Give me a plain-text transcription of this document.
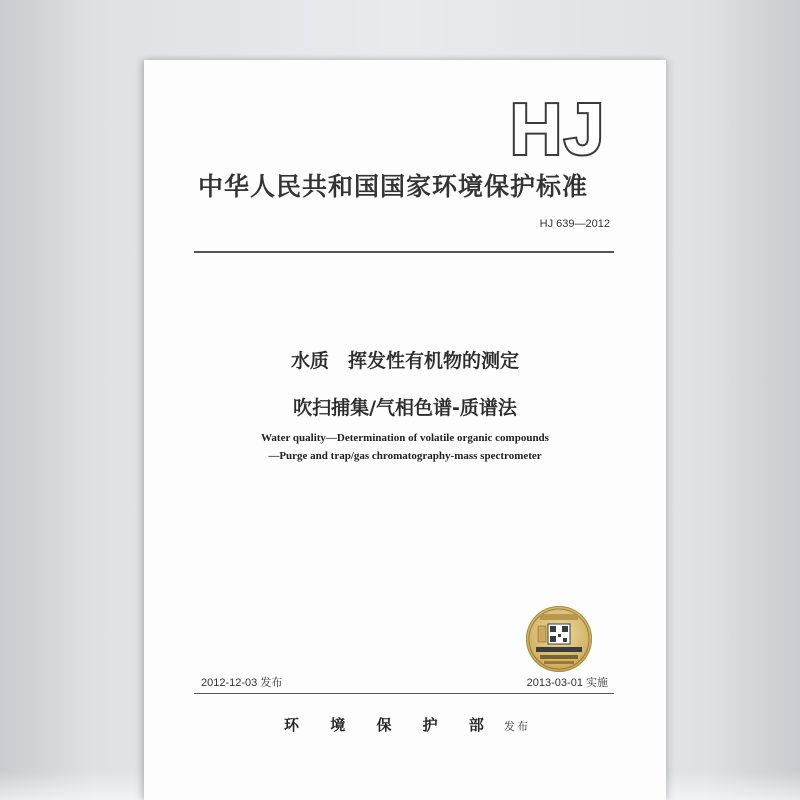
HJ
中华人民共和国国家环境保护标准
HJ 639—2012
水质　挥发性有机物的测定
吹扫捕集/气相色谱-质谱法
Water quality—Determination of volatile organic compounds
—Purge and trap/gas chromatography-mass spectrometer
2012-12-03 发布	2013-03-01 实施
环 境 保 护 部 发布
